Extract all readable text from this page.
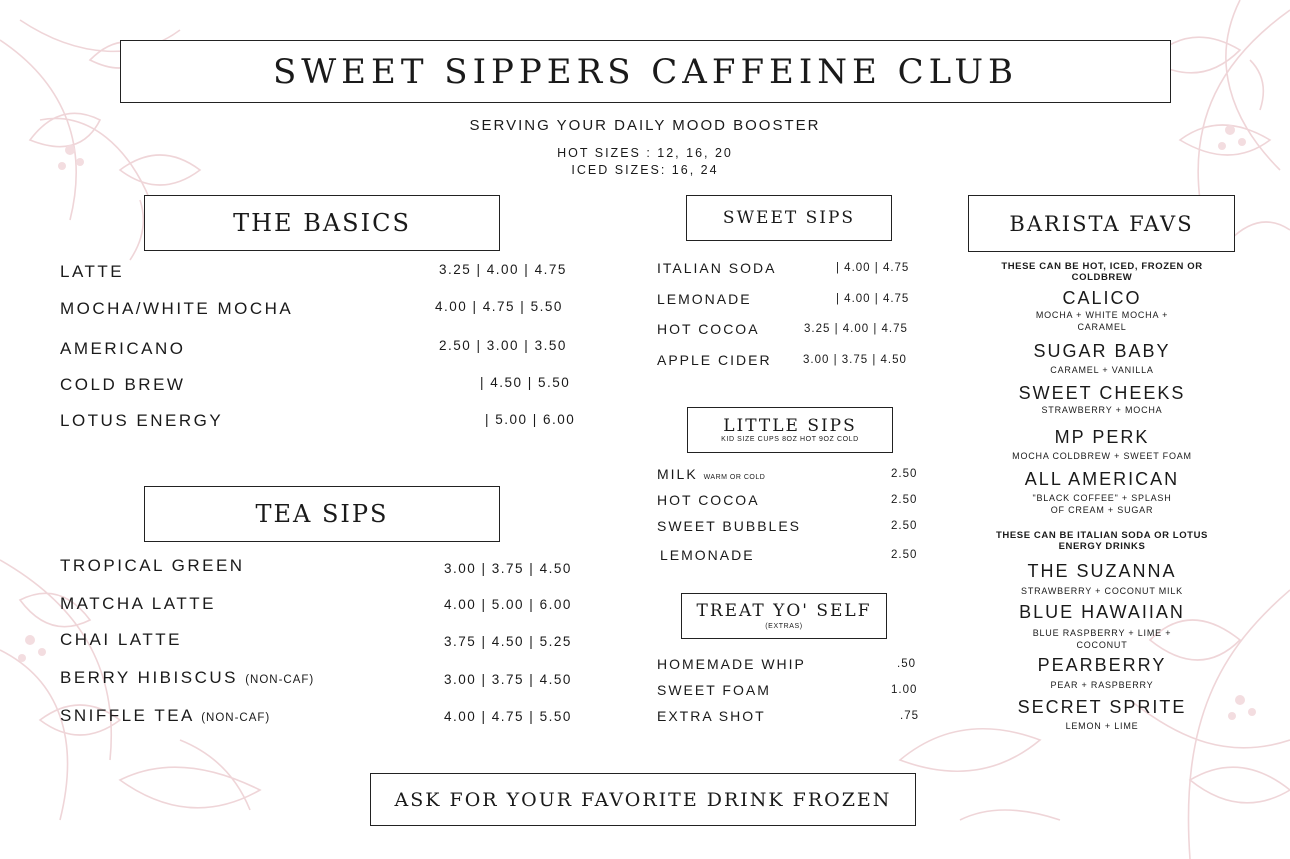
SWEET SIPPERS CAFFEINE CLUB
SERVING YOUR DAILY MOOD BOOSTER
HOT SIZES : 12, 16, 20
ICED SIZES: 16, 24
THE BASICS
LATTE	3.25 | 4.00 | 4.75
MOCHA/WHITE MOCHA	4.00 | 4.75 | 5.50
AMERICANO	2.50 | 3.00 | 3.50
COLD BREW	| 4.50 | 5.50
LOTUS ENERGY	| 5.00 | 6.00
TEA SIPS
TROPICAL GREEN	3.00 | 3.75 | 4.50
MATCHA LATTE	4.00 | 5.00 | 6.00
CHAI LATTE	3.75 | 4.50 | 5.25
BERRY HIBISCUS (NON-CAF)	3.00 | 3.75 | 4.50
SNIFFLE TEA (NON-CAF)	4.00 | 4.75 | 5.50
SWEET SIPS
ITALIAN SODA	| 4.00 | 4.75
LEMONADE	| 4.00 | 4.75
HOT COCOA	3.25 | 4.00 | 4.75
APPLE CIDER	3.00 | 3.75 | 4.50
LITTLE SIPS
KID SIZE CUPS 8OZ HOT 9OZ COLD
MILK WARM OR COLD	2.50
HOT COCOA	2.50
SWEET BUBBLES	2.50
LEMONADE	2.50
TREAT YO' SELF
(EXTRAS)
HOMEMADE WHIP	.50
SWEET FOAM	1.00
EXTRA SHOT	.75
BARISTA FAVS
THESE CAN BE HOT, ICED, FROZEN OR COLDBREW
CALICO
MOCHA + WHITE MOCHA + CARAMEL
SUGAR BABY
CARAMEL + VANILLA
SWEET CHEEKS
STRAWBERRY + MOCHA
MP PERK
MOCHA COLDBREW + SWEET FOAM
ALL AMERICAN
"BLACK COFFEE" + SPLASH OF CREAM + SUGAR
THESE CAN BE ITALIAN SODA OR LOTUS ENERGY DRINKS
THE SUZANNA
STRAWBERRY + COCONUT MILK
BLUE HAWAIIAN
BLUE RASPBERRY + LIME + COCONUT
PEARBERRY
PEAR + RASPBERRY
SECRET SPRITE
LEMON + LIME
ASK FOR YOUR FAVORITE DRINK FROZEN
